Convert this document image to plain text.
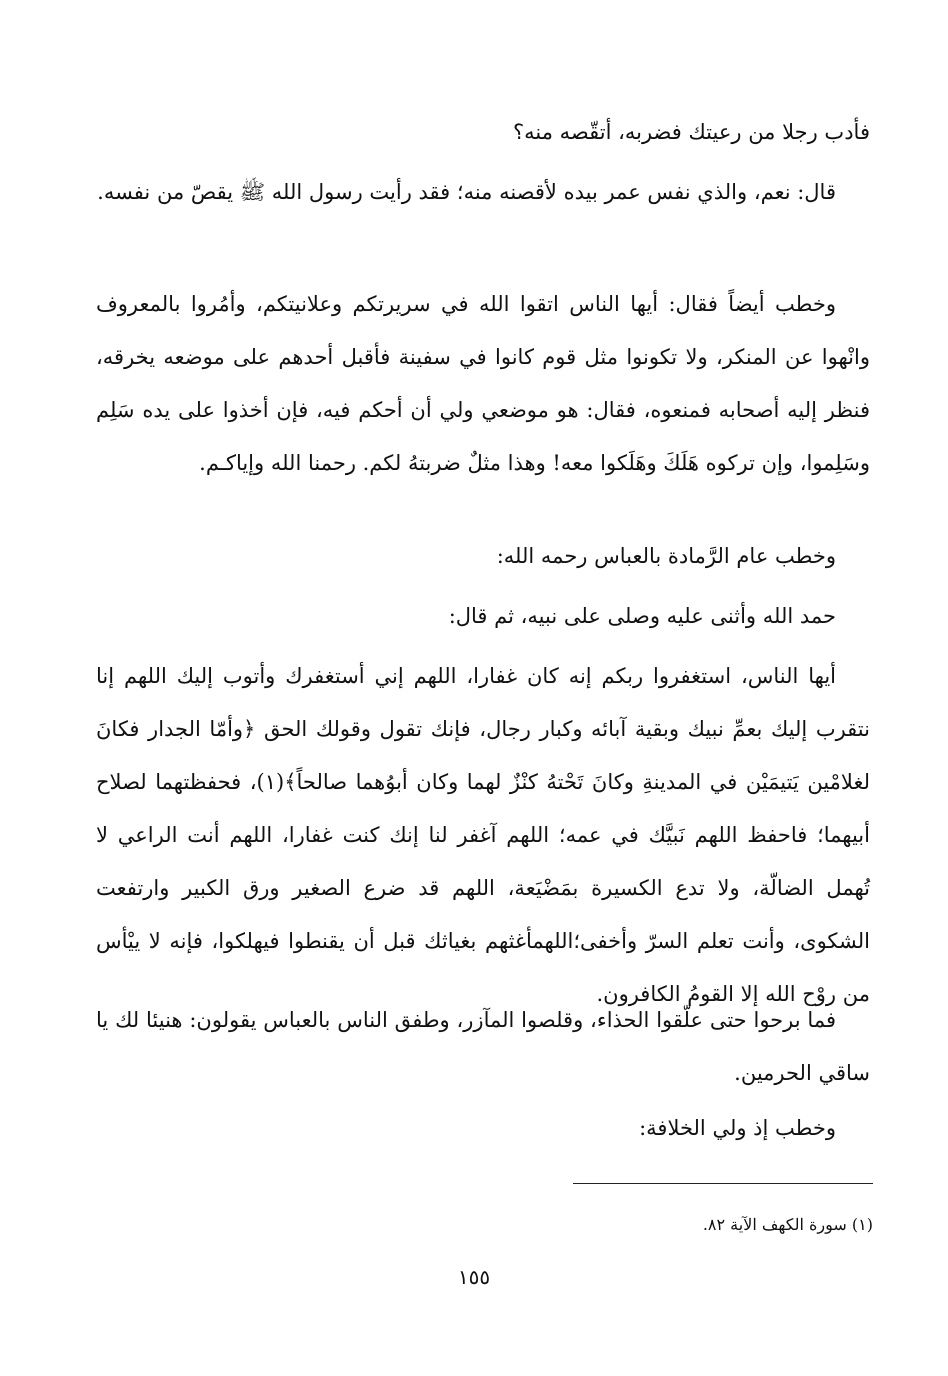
فأدب رجلا من رعيتك فضربه، أتقّصه منه؟

قال: نعم، والذي نفس عمر بيده لأقصنه منه؛ فقد رأيت رسول الله ﷺ يقصّ من نفسه.

وخطب أيضاً فقال: أيها الناس اتقوا الله في سريرتكم وعلانيتكم، وأمُروا بالمعروف وانْهوا عن المنكر، ولا تكونوا مثل قوم كانوا في سفينة فأقبل أحدهم على موضعه يخرقه، فنظر إليه أصحابه فمنعوه، فقال: هو موضعي ولي أن أحكم فيه، فإن أخذوا على يده سَلِم وسَلِموا، وإن تركوه هَلَكَ وهَلَكوا معه! وهذا مثلٌ ضربتهُ لكم. رحمنا الله وإياكـم.

وخطب عام الرَّمادة بالعباس رحمه الله:

حمد الله وأثنى عليه وصلى على نبيه، ثم قال:

أيها الناس، استغفروا ربكم إنه كان غفارا، اللهم إني أستغفرك وأتوب إليك اللهم إنا نتقرب إليك بعمِّ نبيك وبقية آبائه وكبار رجال، فإنك تقول وقولك الحق ﴿وأمّا الجدار فكانَ لغلامْين يَتيمَيْن في المدينةِ وكانَ تَحْتهُ كنْزٌ لهما وكان أبوُهما صالحاً﴾(١)، فحفظتهما لصلاح أبيهما؛ فاحفظ اللهم نَبيَّك في عمه؛ اللهم آغفر لنا إنك كنت غفارا، اللهم أنت الراعي لا تُهمل الضالّة، ولا تدع الكسيرة بمَضْيَعة، اللهم قد ضرع الصغير ورق الكبير وارتفعت الشكوى، وأنت تعلم السرّ وأخفى؛اللهمأغثهم بغياثك قبل أن يقنطوا فيهلكوا، فإنه لا ييْأس من روْح الله إلا القومُ الكافرون.

فما برحوا حتى علّقوا الحذاء، وقلصوا المآزر، وطفق الناس بالعباس يقولون: هنيئا لك يا ساقي الحرمين.

وخطب إذ ولي الخلافة:

(١) سورة الكهف الآية ٨٢.

١٥٥
